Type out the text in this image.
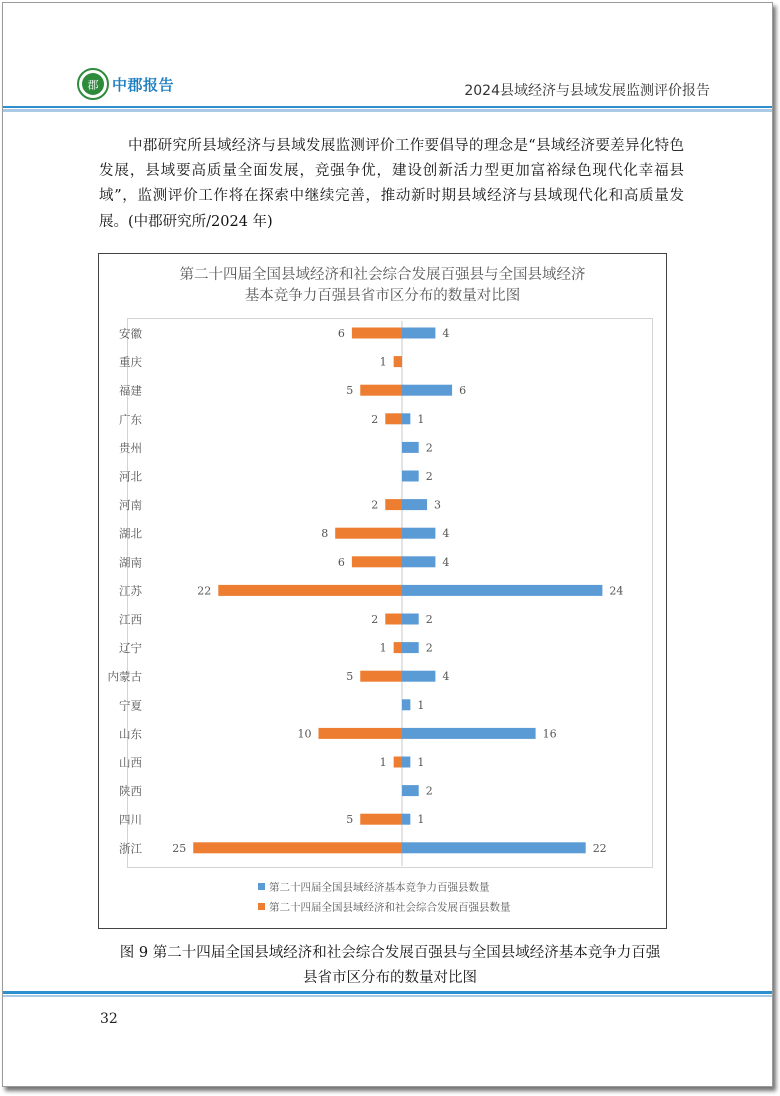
郡 中郡报告	2024县域经济与县域发展监测评价报告

中郡研究所县域经济与县域发展监测评价工作要倡导的理念是“县域经济要差异化特色发展，县域要高质量全面发展，竞强争优，建设创新活力型更加富裕绿色现代化幸福县域”，监测评价工作将在探索中继续完善，推动新时期县域经济与县域现代化和高质量发展。(中郡研究所/2024 年)

第二十四届全国县域经济和社会综合发展百强县与全国县域经济
基本竞争力百强县省市区分布的数量对比图
安徽	4
6
重庆	1
福建	6
5
广东	1
2
贵州	2
河北	2
河南	3
2
湖北	4
8
湖南	4
6
江苏	24
22
江西	2
2
辽宁	2
1
内蒙古	4
5
宁夏	1
山东	16
10
山西	1
1
陕西	2
四川	1
5
浙江	22
25
第二十四届全国县域经济基本竞争力百强县数量
第二十四届全国县域经济和社会综合发展百强县数量
图 9 第二十四届全国县域经济和社会综合发展百强县与全国县域经济基本竞争力百强
县省市区分布的数量对比图
32
